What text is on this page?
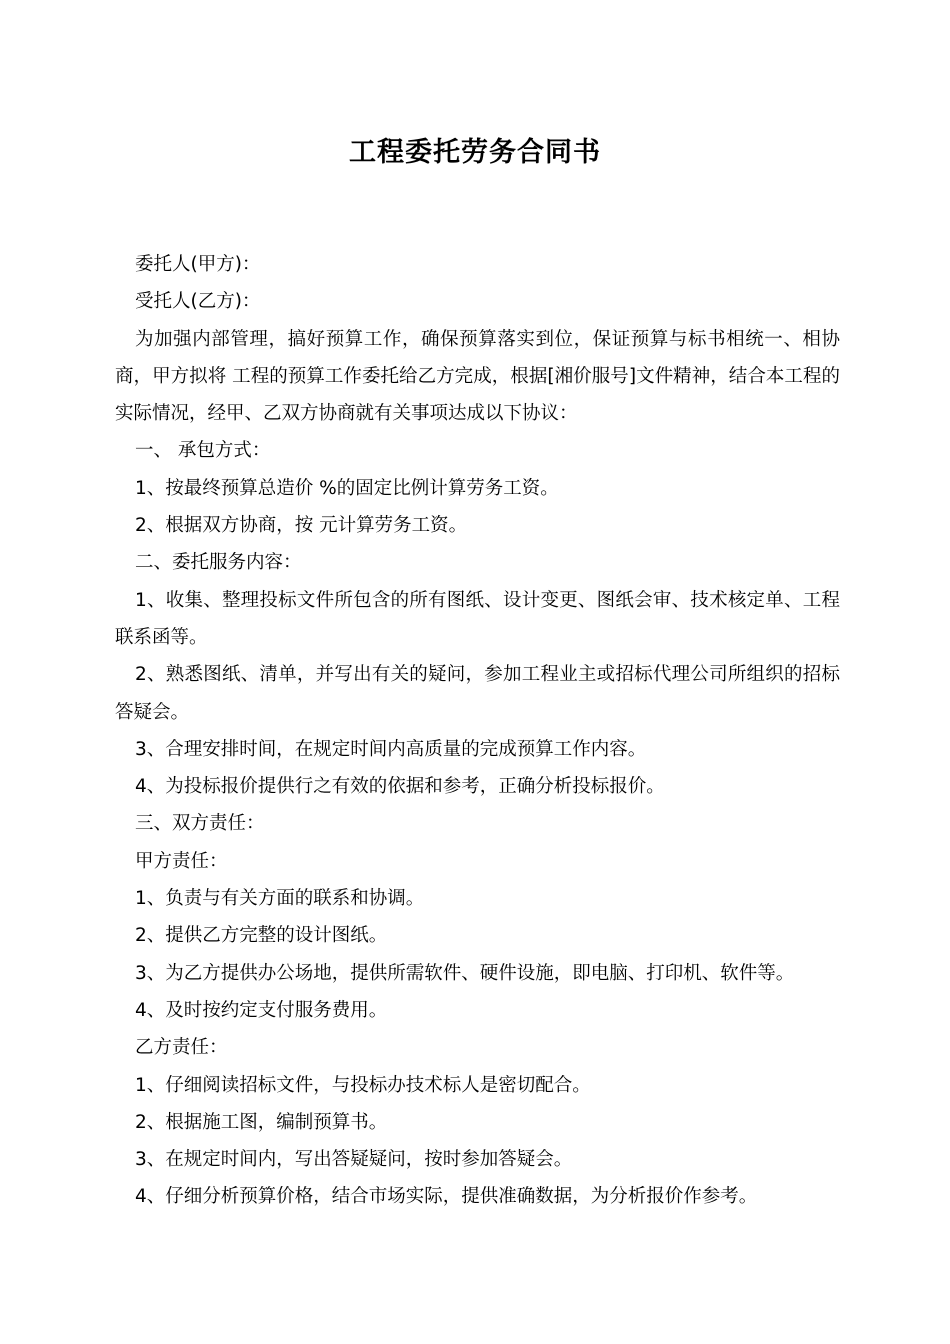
工程委托劳务合同书

委托人(甲方)：

受托人(乙方)：

为加强内部管理，搞好预算工作，确保预算落实到位，保证预算与标书相统一、相协商，甲方拟将 工程的预算工作委托给乙方完成，根据[湘价服号]文件精神，结合本工程的实际情况，经甲、乙双方协商就有关事项达成以下协议：

一、 承包方式：

1、按最终预算总造价 %的固定比例计算劳务工资。

2、根据双方协商，按 元计算劳务工资。

二、委托服务内容：

1、收集、整理投标文件所包含的所有图纸、设计变更、图纸会审、技术核定单、工程联系函等。

2、熟悉图纸、清单，并写出有关的疑问，参加工程业主或招标代理公司所组织的招标答疑会。

3、合理安排时间，在规定时间内高质量的完成预算工作内容。

4、为投标报价提供行之有效的依据和参考，正确分析投标报价。

三、双方责任：

甲方责任：

1、负责与有关方面的联系和协调。

2、提供乙方完整的设计图纸。

3、为乙方提供办公场地，提供所需软件、硬件设施，即电脑、打印机、软件等。

4、及时按约定支付服务费用。

乙方责任：

1、仔细阅读招标文件，与投标办技术标人是密切配合。

2、根据施工图，编制预算书。

3、在规定时间内，写出答疑疑问，按时参加答疑会。

4、仔细分析预算价格，结合市场实际，提供准确数据，为分析报价作参考。
